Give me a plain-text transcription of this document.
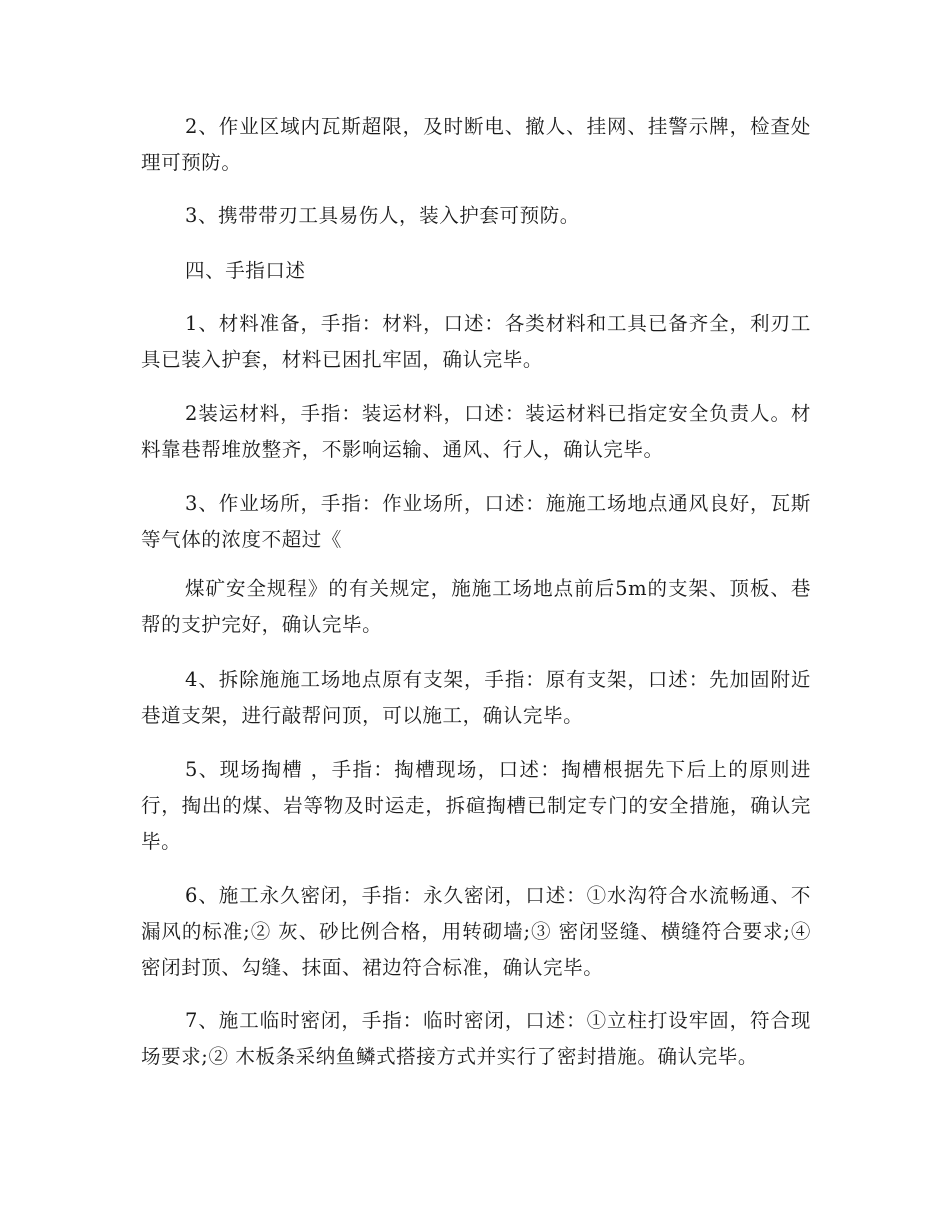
2、作业区域内瓦斯超限，及时断电、撤人、挂网、挂警示牌，检查处理可预防。

3、携带带刃工具易伤人，装入护套可预防。

四、手指口述

1、材料准备，手指：材料，口述：各类材料和工具已备齐全，利刃工具已装入护套，材料已困扎牢固，确认完毕。

2装运材料，手指：装运材料，口述：装运材料已指定安全负责人。材料靠巷帮堆放整齐，不影响运输、通风、行人，确认完毕。

3、作业场所，手指：作业场所，口述：施施工场地点通风良好，瓦斯等气体的浓度不超过《

煤矿安全规程》的有关规定，施施工场地点前后5m的支架、顶板、巷帮的支护完好，确认完毕。

4、拆除施施工场地点原有支架，手指：原有支架，口述：先加固附近巷道支架，进行敲帮问顶，可以施工，确认完毕。

5、现场掏槽 ，手指：掏槽现场，口述：掏槽根据先下后上的原则进行，掏出的煤、岩等物及时运走，拆碹掏槽已制定专门的安全措施，确认完毕。

6、施工永久密闭，手指：永久密闭，口述：①水沟符合水流畅通、不漏风的标准;② 灰、砂比例合格，用转砌墙;③ 密闭竖缝、横缝符合要求;④ 密闭封顶、勾缝、抹面、裙边符合标准，确认完毕。

7、施工临时密闭，手指：临时密闭，口述：①立柱打设牢固，符合现场要求;② 木板条采纳鱼鳞式搭接方式并实行了密封措施。确认完毕。
